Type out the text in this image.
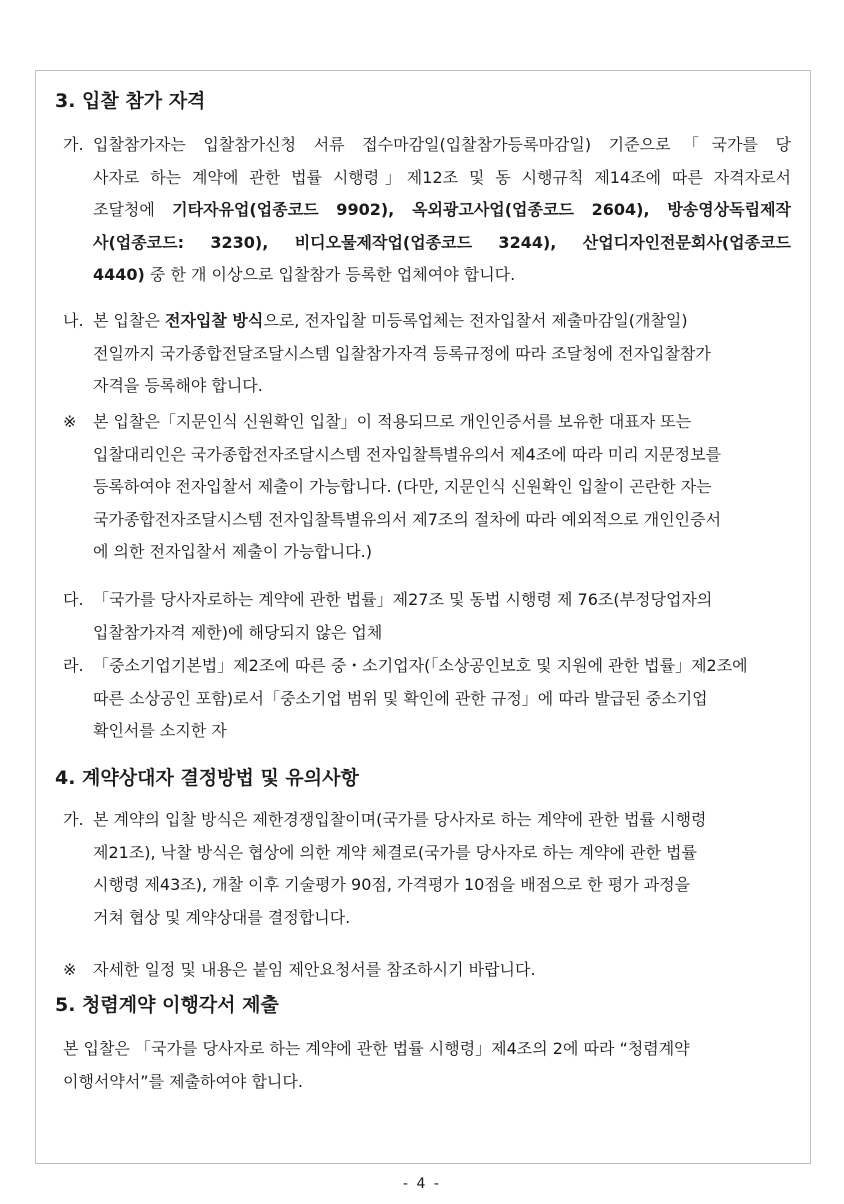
3. 입찰 참가 자격
가. 입찰참가자는 입찰참가신청 서류 접수마감일(입찰참가등록마감일) 기준으로「국가를 당
사자로 하는 계약에 관한 법률 시행령」제12조 및 동 시행규칙 제14조에 따른 자격자로서
조달청에 기타자유업(업종코드 9902), 옥외광고사업(업종코드 2604), 방송영상독립제작
사(업종코드: 3230), 비디오물제작업(업종코드 3244), 산업디자인전문회사(업종코드

4440) 중 한 개 이상으로 입찰참가 등록한 업체여야 합니다.
나. 본 입찰은 전자입찰 방식으로, 전자입찰 미등록업체는 전자입찰서 제출마감일(개찰일)
전일까지 국가종합전달조달시스템 입찰참가자격 등록규정에 따라 조달청에 전자입찰참가
자격을 등록해야 합니다.
※ 본 입찰은「지문인식 신원확인 입찰」이 적용되므로 개인인증서를 보유한 대표자 또는
입찰대리인은 국가종합전자조달시스템 전자입찰특별유의서 제4조에 따라 미리 지문정보를
등록하여야 전자입찰서 제출이 가능합니다. (다만, 지문인식 신원확인 입찰이 곤란한 자는
국가종합전자조달시스템 전자입찰특별유의서 제7조의 절차에 따라 예외적으로 개인인증서
에 의한 전자입찰서 제출이 가능합니다.)
다. 「국가를 당사자로하는 계약에 관한 법률」제27조 및 동법 시행령 제 76조(부정당업자의
입찰참가자격 제한)에 해당되지 않은 업체
라. 「중소기업기본법」제2조에 따른 중・소기업자(「소상공인보호 및 지원에 관한 법률」제2조에
따른 소상공인 포함)로서「중소기업 범위 및 확인에 관한 규정」에 따라 발급된 중소기업
확인서를 소지한 자
4. 계약상대자 결정방법 및 유의사항
가. 본 계약의 입찰 방식은 제한경쟁입찰이며(국가를 당사자로 하는 계약에 관한 법률 시행령
제21조), 낙찰 방식은 협상에 의한 계약 체결로(국가를 당사자로 하는 계약에 관한 법률
시행령 제43조), 개찰 이후 기술평가 90점, 가격평가 10점을 배점으로 한 평가 과정을
거쳐 협상 및 계약상대를 결정합니다.
※ 자세한 일정 및 내용은 붙임 제안요청서를 참조하시기 바랍니다.
5. 청렴계약 이행각서 제출
본 입찰은 「국가를 당사자로 하는 계약에 관한 법률 시행령」제4조의 2에 따라 “청렴계약
이행서약서”를 제출하여야 합니다.
- 4 -
